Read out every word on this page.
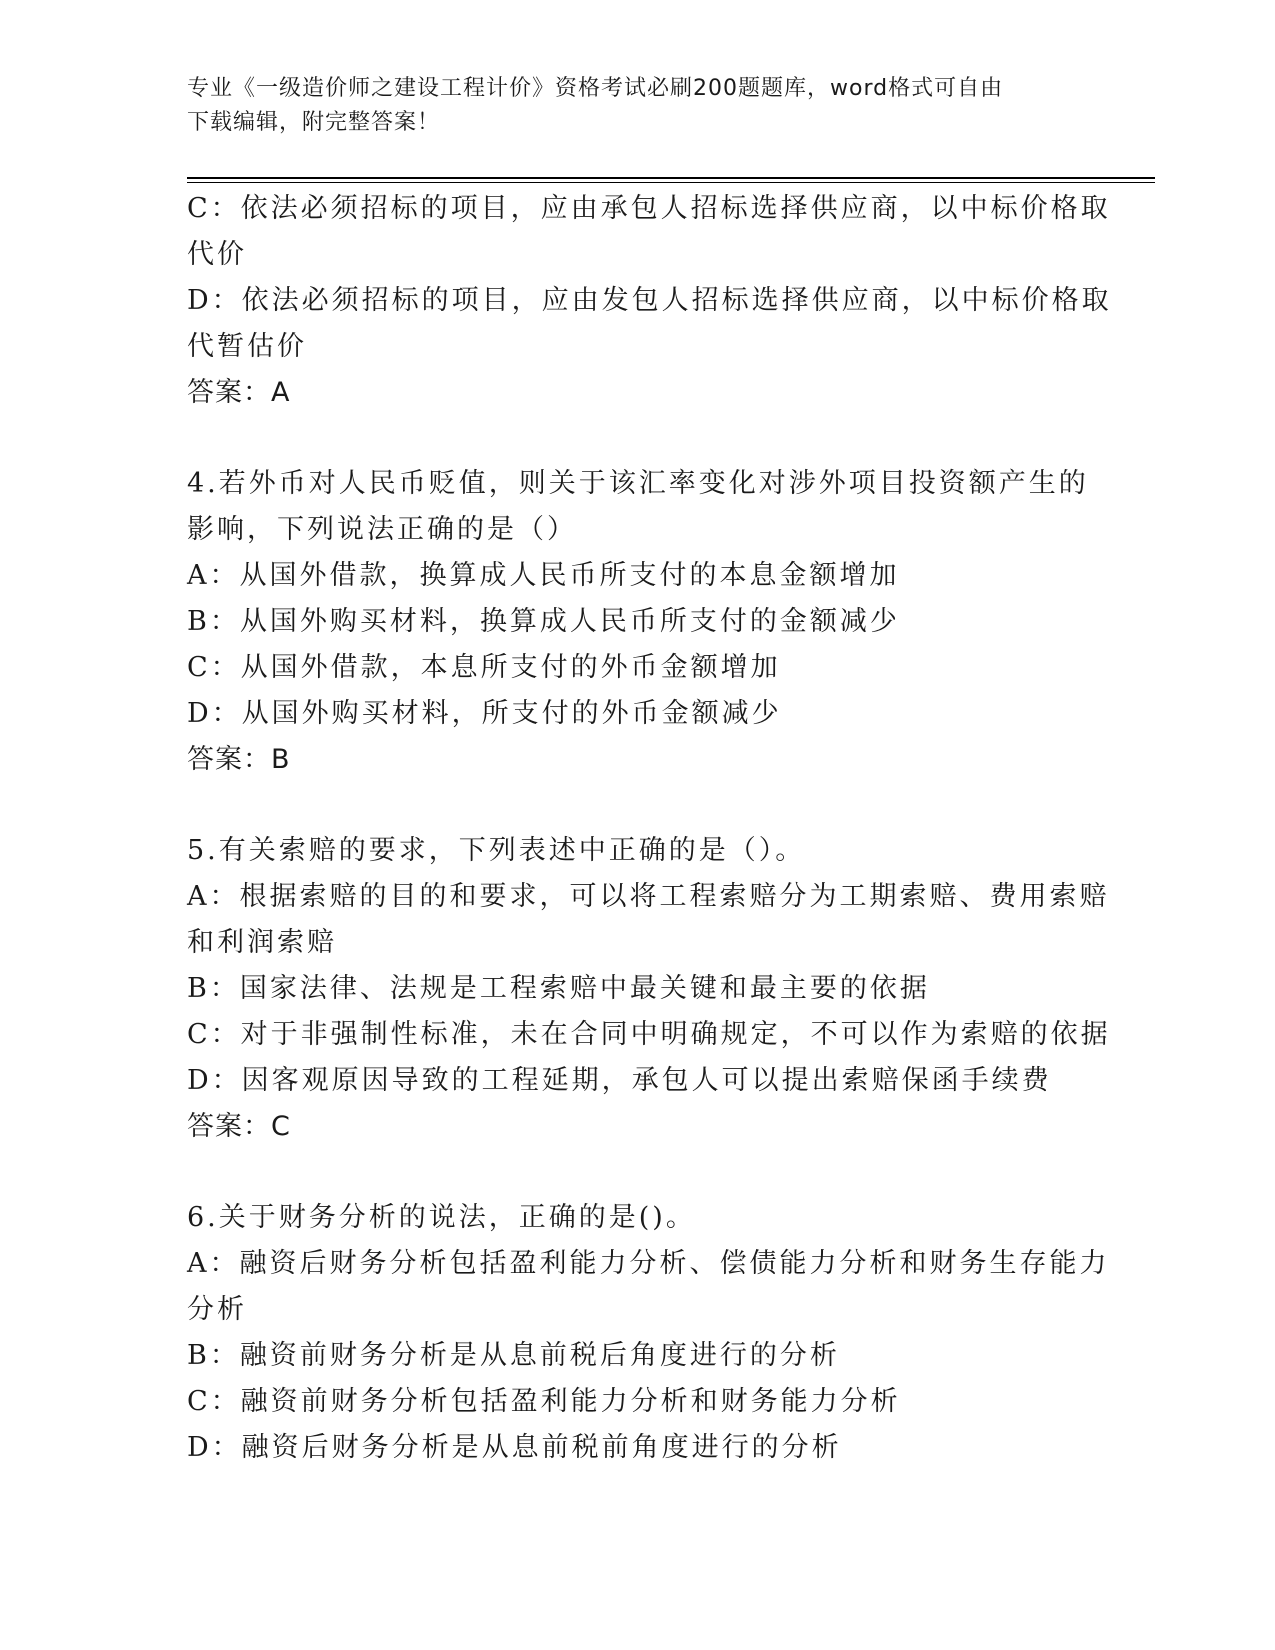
专业《一级造价师之建设工程计价》资格考试必刷200题题库，word格式可自由
下载编辑，附完整答案！
C：依法必须招标的项目，应由承包人招标选择供应商，以中标价格取
代价
D：依法必须招标的项目，应由发包人招标选择供应商，以中标价格取
代暂估价
答案：A
4.若外币对人民币贬值，则关于该汇率变化对涉外项目投资额产生的
影响，下列说法正确的是（）
A：从国外借款，换算成人民币所支付的本息金额增加
B：从国外购买材料，换算成人民币所支付的金额减少
C：从国外借款，本息所支付的外币金额增加
D：从国外购买材料，所支付的外币金额减少
答案：B
5.有关索赔的要求，下列表述中正确的是（）。
A：根据索赔的目的和要求，可以将工程索赔分为工期索赔、费用索赔
和利润索赔
B：国家法律、法规是工程索赔中最关键和最主要的依据
C：对于非强制性标准，未在合同中明确规定，不可以作为索赔的依据
D：因客观原因导致的工程延期，承包人可以提出索赔保函手续费
答案：C
6.关于财务分析的说法，正确的是()。
A：融资后财务分析包括盈利能力分析、偿债能力分析和财务生存能力
分析
B：融资前财务分析是从息前税后角度进行的分析
C：融资前财务分析包括盈利能力分析和财务能力分析
D：融资后财务分析是从息前税前角度进行的分析
